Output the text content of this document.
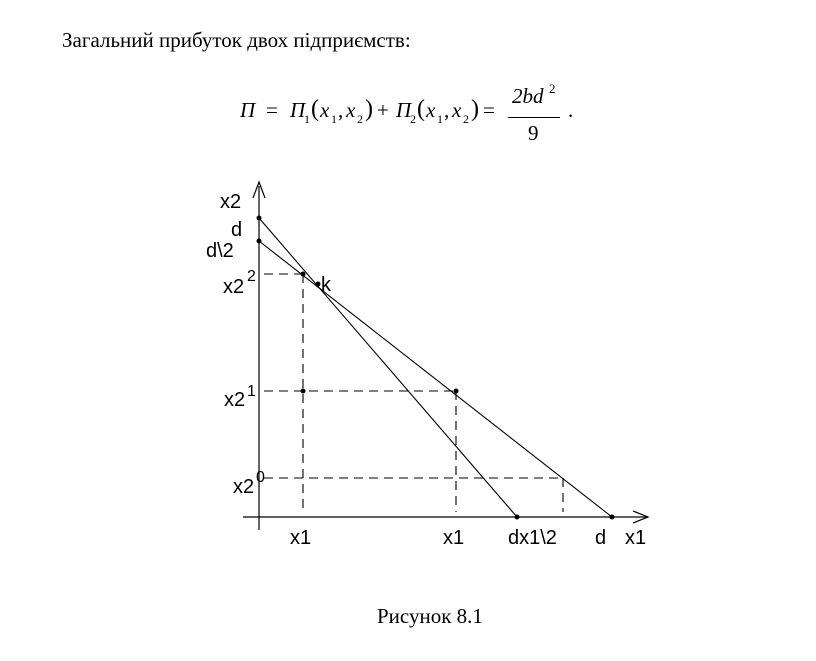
Загальний прибуток двох підприємств:
П = П
1 ( x 1 , x 2 ) + П
2 ( x 1 , x 2 ) =
2bd 2
9
.
x2
d
d\2
x2 2	k
x2 1
x2 0
x1	x1 dx1\2 d x1
Рисунок 8.1
